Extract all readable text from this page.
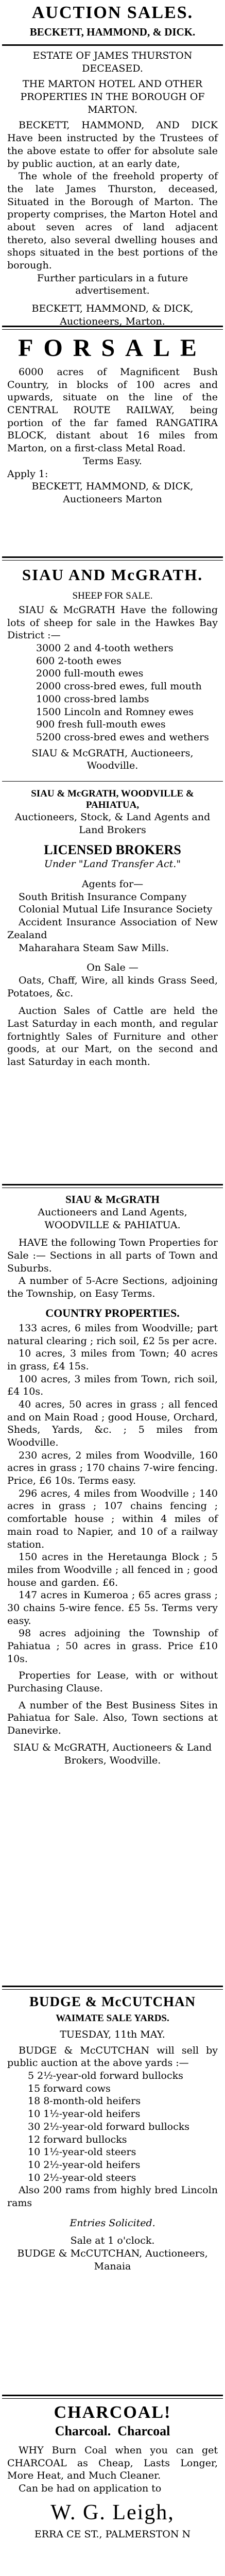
AUCTION SALES.
BECKETT, HAMMOND, & DICK.
ESTATE OF JAMES THURSTON DECEASED.
THE MARTON HOTEL AND OTHER PROPERTIES IN THE BOROUGH OF MARTON.
BECKETT, HAMMOND, AND DICK Have been instructed by the Trustees of the above estate to offer for absolute sale by public auction, at an early date,
The whole of the freehold property of the late James Thurston, deceased, Situated in the Borough of Marton. The property comprises, the Marton Hotel and about seven acres of land adjacent thereto, also several dwelling houses and shops situated in the best portions of the borough.
Further particulars in a future advertisement.
BECKETT, HAMMOND, & DICK, Auctioneers, Marton.
FORSALE
6000 acres of Magnificent Bush Country, in blocks of 100 acres and upwards, situate on the line of the CENTRAL ROUTE RAILWAY, being portion of the far famed RANGATIRA BLOCK, distant about 16 miles from Marton, on a first-class Metal Road.
Terms Easy.
Apply 1:
BECKETT, HAMMOND, & DICK, Auctioneers Marton
SIAU AND McGRATH.
SHEEP FOR SALE.
SIAU & McGRATH Have the following lots of sheep for sale in the Hawkes Bay District :—
3000 2 and 4-tooth wethers
600 2-tooth ewes
2000 full-mouth ewes
2000 cross-bred ewes, full mouth
1000 cross-bred lambs
1500 Lincoln and Romney ewes
900 fresh full-mouth ewes
5200 cross-bred ewes and wethers
SIAU & McGRATH, Auctioneers, Woodville.
SIAU & McGRATH, WOODVILLE & PAHIATUA,
Auctioneers, Stock, & Land Agents and Land Brokers
LICENSED BROKERS
Under "Land Transfer Act."
Agents for—
South British Insurance Company
Colonial Mutual Life Insurance Society
Accident Insurance Association of New Zealand
Maharahara Steam Saw Mills.
On Sale —
Oats, Chaff, Wire, all kinds Grass Seed, Potatoes, &c.
Auction Sales of Cattle are held the Last Saturday in each month, and regular fortnightly Sales of Furniture and other goods, at our Mart, on the second and last Saturday in each month.
SIAU & McGRATH
Auctioneers and Land Agents, WOODVILLE & PAHIATUA.
HAVE the following Town Properties for Sale :— Sections in all parts of Town and Suburbs.
A number of 5-Acre Sections, adjoining the Township, on Easy Terms.
COUNTRY PROPERTIES.
133 acres, 6 miles from Woodville; part natural clearing ; rich soil, £2 5s per acre.
10 acres, 3 miles from Town; 40 acres in grass, £4 15s.
100 acres, 3 miles from Town, rich soil, £4 10s.
40 acres, 50 acres in grass ; all fenced and on Main Road ; good House, Orchard, Sheds, Yards, &c. ; 5 miles from Woodville.
230 acres, 2 miles from Woodville, 160 acres in grass ; 170 chains 7-wire fencing. Price, £6 10s. Terms easy.
296 acres, 4 miles from Woodville ; 140 acres in grass ; 107 chains fencing ; comfortable house ; within 4 miles of main road to Napier, and 10 of a railway station.
150 acres in the Heretaunga Block ; 5 miles from Woodville ; all fenced in ; good house and garden. £6.
147 acres in Kumeroa ; 65 acres grass ; 30 chains 5-wire fence. £5 5s. Terms very easy.
98 acres adjoining the Township of Pahiatua ; 50 acres in grass. Price £10 10s.
Properties for Lease, with or without Purchasing Clause.
A number of the Best Business Sites in Pahiatua for Sale. Also, Town sections at Danevirke.
SIAU & McGRATH, Auctioneers & Land Brokers, Woodville.
BUDGE & McCUTCHAN
WAIMATE SALE YARDS.
TUESDAY, 11th MAY.
BUDGE & McCUTCHAN will sell by public auction at the above yards :—
5 2½-year-old forward bullocks
15 forward cows
18 8-month-old heifers
10 1½-year-old heifers
30 2½-year-old forward bullocks
12 forward bullocks
10 1½-year-old steers
10 2½-year-old heifers
10 2½-year-old steers
Also 200 rams from highly bred Lincoln rams
Entries Solicited.
Sale at 1 o'clock.
BUDGE & McCUTCHAN, Auctioneers, Manaia
CHARCOAL!
Charcoal.  Charcoal
WHY Burn Coal when you can get CHARCOAL as Cheap, Lasts Longer, More Heat, and Much Cleaner.
Can be had on application to
W. G. Leigh,
ERRA CE ST., PALMERSTON N
